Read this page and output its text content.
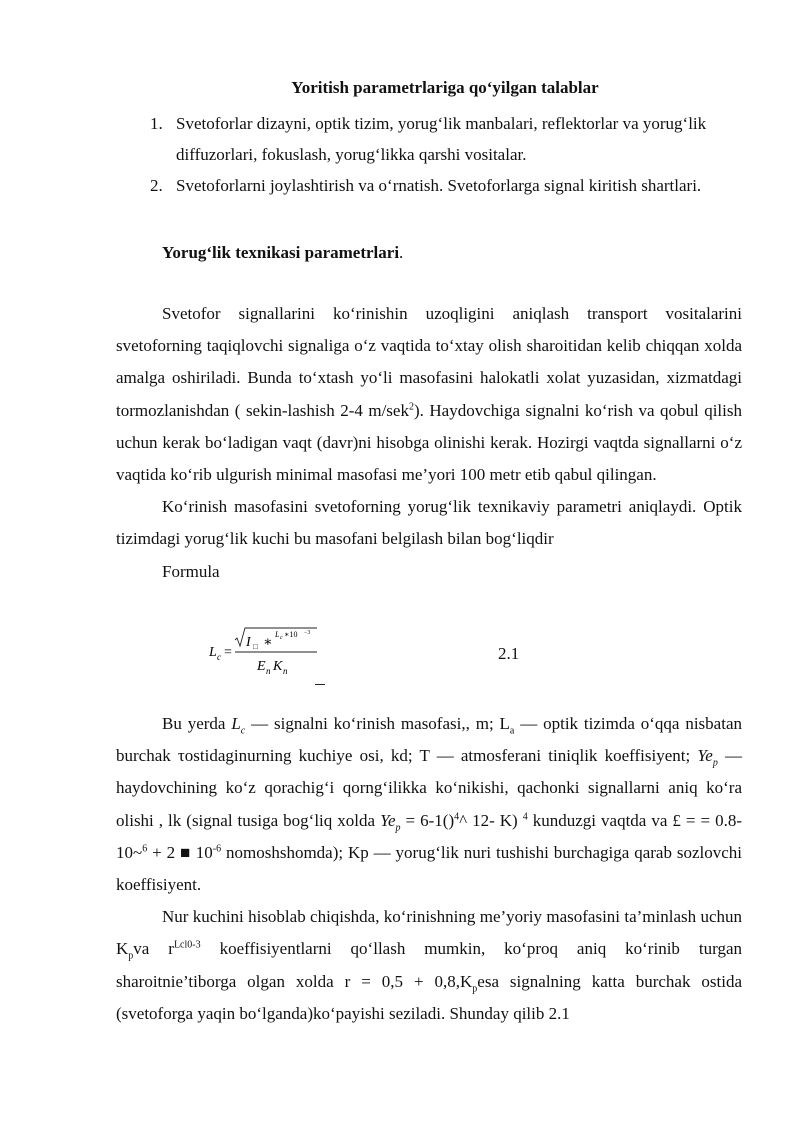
Yoritish parametrlariga qo‘yilgan talablar
1. Svetoforlar dizayni, optik tizim, yorug‘lik manbalari, reflektorlar va yorug‘lik diffuzorlari, fokuslash, yorug‘likka qarshi vositalar.
2. Svetoforlarni joylashtirish va o‘rnatish. Svetoforlarga signal kiritish shartlari.
Yorug‘lik texnikasi parametrlari.

Svetofor signallarini ko‘rinishin uzoqligini aniqlash transport vositalarini svetoforning taqiqlovchi signaliga o‘z vaqtida to‘xtay olish sharoitidan kelib chiqqan xolda amalga oshiriladi. Bunda to‘xtash yo‘li masofasini halokatli xolat yuzasidan, xizmatdagi tormozlanishdan ( sekin-lashish 2-4 m/sek$^2$). Haydovchiga signalni ko‘rish va qobul qilish uchun kerak bo‘ladigan vaqt (davr)ni hisobga olinishi kerak. Hozirgi vaqtda signallarni o‘z vaqtida ko‘rib ulgurish minimal masofasi me’yori 100 metr etib qabul qilingan.

Ko‘rinish masofasini svetoforning yorug‘lik texnikaviy parametri aniqlaydi. Optik tizimdagi yorug‘lik kuchi bu masofani belgilash bilan bog‘liqdir

Formula
L c =
I □ ∗
L c ∗10 −3
E n K n
2.1

Bu yerda $L_c$ — signalni ko‘rinish masofasi,, m; $L_a$ — optik tizimda o‘qqa nisbatan burchak τostidaginurning kuchiye osi, kd; T — atmosferani tiniqlik koeffisiyent; $Ye_p$ — haydovchining ko‘z qorachig‘i qorng‘ilikka ko‘nikishi, qachonki signallarni aniq ko‘ra olishi , lk (signal tusiga bog‘liq xolda $Ye_p$ = 6-1()$^4$^ 12- K) $^4$ kunduzgi vaqtda va £ = = 0.8-10~$^6$ + 2 ■ $10^{-6}$ nomoshshomda); Kp — yorug‘lik nuri tushishi burchagiga qarab sozlovchi koeffisiyent.

Nur kuchini hisoblab chiqishda, ko‘rinishning me’yoriy masofasini ta’minlash uchun $K_pva$ $r^{Lcl0-3}$ koeffisiyentlarni qo‘llash mumkin, ko‘proq aniq ko‘rinib turgan sharoitnie’tiborga olgan xolda $r = 0,5 + 0,8,K_pesa$ signalning katta burchak ostida (svetoforga yaqin bo‘lganda)ko‘payishi seziladi. Shunday qilib 2.1
